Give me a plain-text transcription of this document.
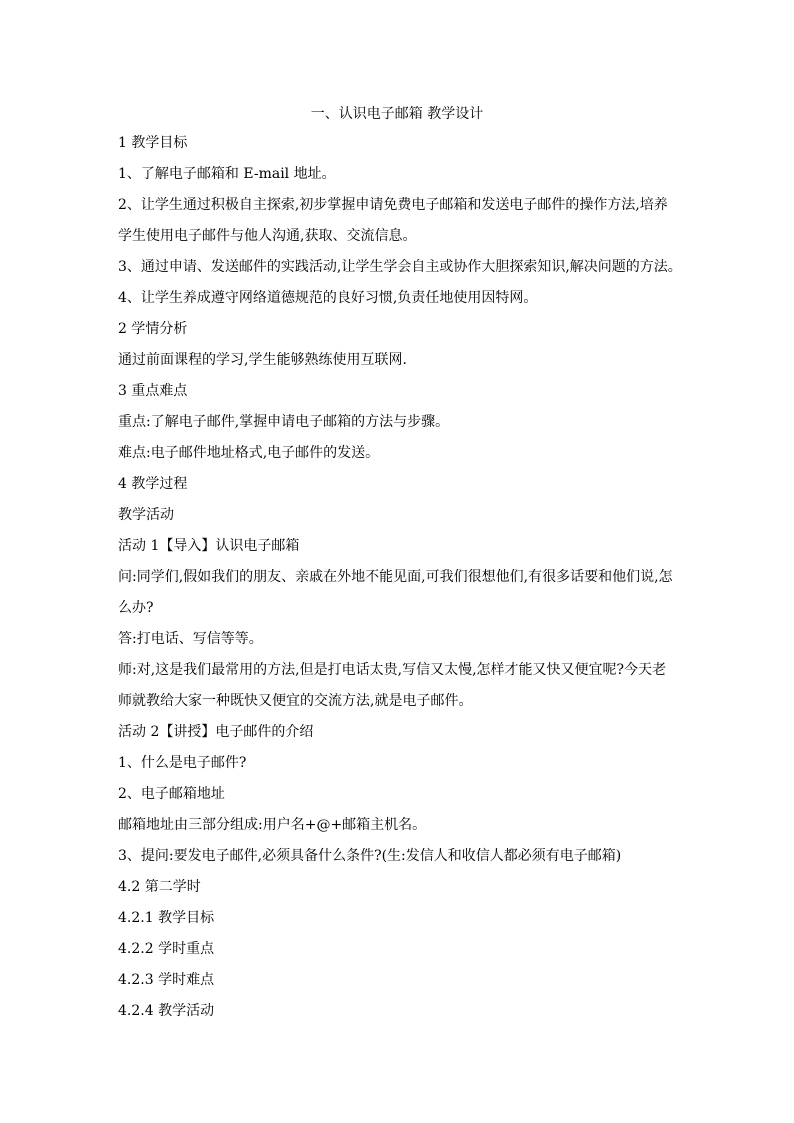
一、认识电子邮箱 教学设计
1 教学目标
1、了解电子邮箱和 E-mail 地址。
2、让学生通过积极自主探索,初步掌握申请免费电子邮箱和发送电子邮件的操作方法,培养学生使用电子邮件与他人沟通,获取、交流信息。
3、通过申请、发送邮件的实践活动,让学生学会自主或协作大胆探索知识,解决问题的方法。
4、让学生养成遵守网络道德规范的良好习惯,负责任地使用因特网。
2 学情分析
通过前面课程的学习,学生能够熟练使用互联网.
3 重点难点
重点:了解电子邮件,掌握申请电子邮箱的方法与步骤。
难点:电子邮件地址格式,电子邮件的发送。
4 教学过程
教学活动
活动 1【导入】认识电子邮箱
问:同学们,假如我们的朋友、亲戚在外地不能见面,可我们很想他们,有很多话要和他们说,怎么办?
答:打电话、写信等等。
师:对,这是我们最常用的方法,但是打电话太贵,写信又太慢,怎样才能又快又便宜呢?今天老师就教给大家一种既快又便宜的交流方法,就是电子邮件。
活动 2【讲授】电子邮件的介绍
1、什么是电子邮件?
2、电子邮箱地址
邮箱地址由三部分组成:用户名+@+邮箱主机名。
3、提问:要发电子邮件,必须具备什么条件?(生:发信人和收信人都必须有电子邮箱)
4.2 第二学时
4.2.1 教学目标
4.2.2 学时重点
4.2.3 学时难点
4.2.4 教学活动
